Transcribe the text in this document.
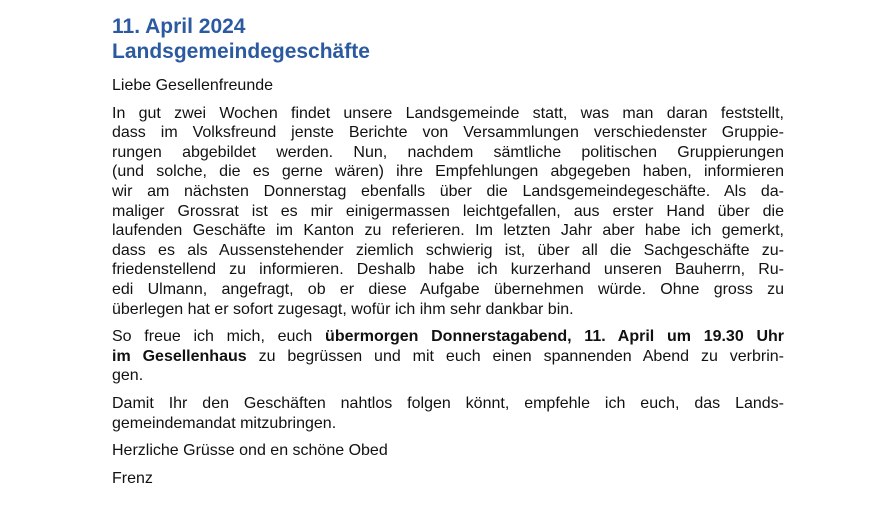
11. April 2024
Landsgemeindegeschäfte

Liebe Gesellenfreunde

In gut zwei Wochen findet unsere Landsgemeinde statt, was man daran feststellt,
dass im Volksfreund jenste Berichte von Versammlungen verschiedenster Gruppie-
rungen abgebildet werden. Nun, nachdem sämtliche politischen Gruppierungen
(und solche, die es gerne wären) ihre Empfehlungen abgegeben haben, informieren
wir am nächsten Donnerstag ebenfalls über die Landsgemeindegeschäfte. Als da-
maliger Grossrat ist es mir einigermassen leichtgefallen, aus erster Hand über die
laufenden Geschäfte im Kanton zu referieren. Im letzten Jahr aber habe ich gemerkt,
dass es als Aussenstehender ziemlich schwierig ist, über all die Sachgeschäfte zu-
friedenstellend zu informieren. Deshalb habe ich kurzerhand unseren Bauherrn, Ru-
edi Ulmann, angefragt, ob er diese Aufgabe übernehmen würde. Ohne gross zu
überlegen hat er sofort zugesagt, wofür ich ihm sehr dankbar bin.

So freue ich mich, euch übermorgen Donnerstagabend, 11. April um 19.30 Uhr
im Gesellenhaus zu begrüssen und mit euch einen spannenden Abend zu verbrin-
gen.

Damit Ihr den Geschäften nahtlos folgen könnt, empfehle ich euch, das Lands-
gemeindemandat mitzubringen.

Herzliche Grüsse ond en schöne Obed

Frenz
